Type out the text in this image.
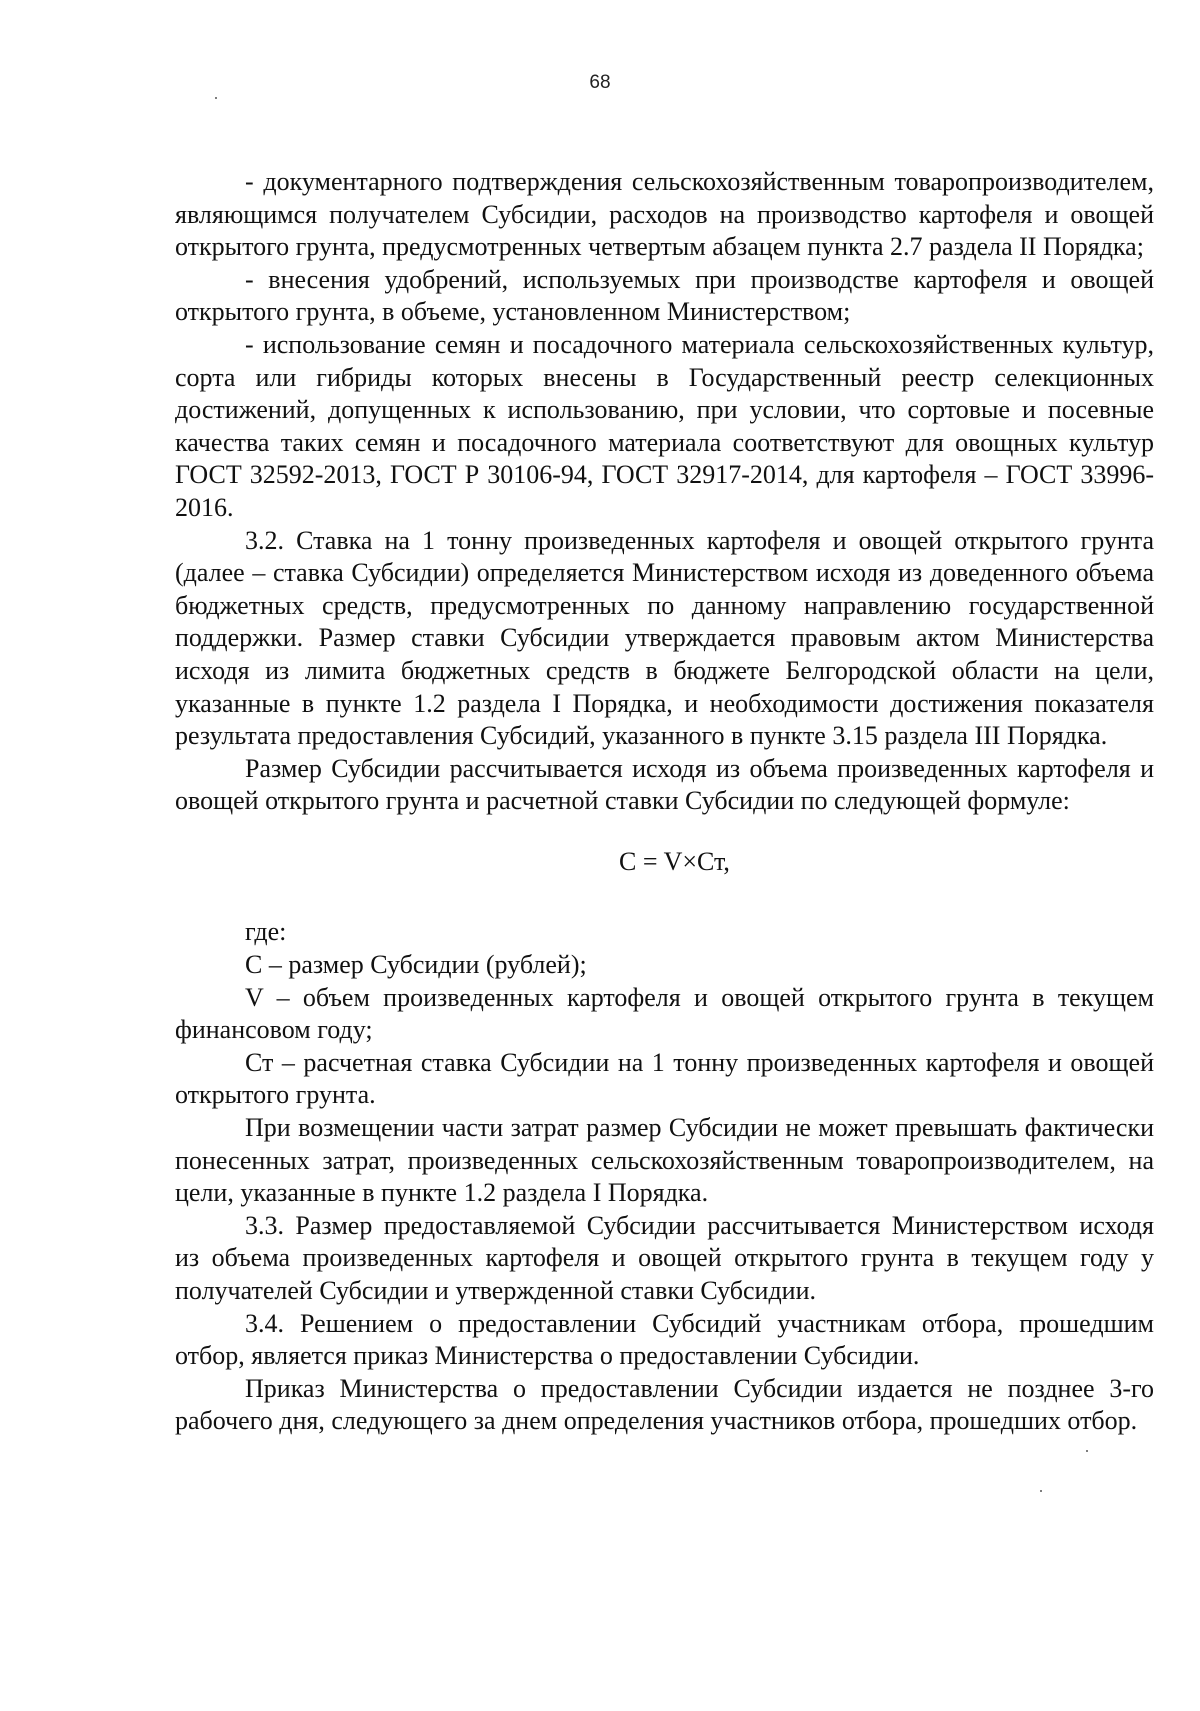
68

- документарного подтверждения сельскохозяйственным товаропроизводителем, являющимся получателем Субсидии, расходов на производство картофеля и овощей открытого грунта, предусмотренных четвертым абзацем пункта 2.7 раздела II Порядка;

- внесения удобрений, используемых при производстве картофеля и овощей открытого грунта, в объеме, установленном Министерством;

- использование семян и посадочного материала сельскохозяйственных культур, сорта или гибриды которых внесены в Государственный реестр селекционных достижений, допущенных к использованию, при условии, что сортовые и посевные качества таких семян и посадочного материала соответствуют для овощных культур ГОСТ 32592-2013, ГОСТ Р 30106-94, ГОСТ 32917-2014, для картофеля – ГОСТ 33996-2016.

3.2. Ставка на 1 тонну произведенных картофеля и овощей открытого грунта (далее – ставка Субсидии) определяется Министерством исходя из доведенного объема бюджетных средств, предусмотренных по данному направлению государственной поддержки. Размер ставки Субсидии утверждается правовым актом Министерства исходя из лимита бюджетных средств в бюджете Белгородской области на цели, указанные в пункте 1.2 раздела I Порядка, и необходимости достижения показателя результата предоставления Субсидий, указанного в пункте 3.15 раздела III Порядка.

Размер Субсидии рассчитывается исходя из объема произведенных картофеля и овощей открытого грунта и расчетной ставки Субсидии по следующей формуле:

C = V×Ст,

где:

С – размер Субсидии (рублей);

V – объем произведенных картофеля и овощей открытого грунта в текущем финансовом году;

Ст – расчетная ставка Субсидии на 1 тонну произведенных картофеля и овощей открытого грунта.

При возмещении части затрат размер Субсидии не может превышать фактически понесенных затрат, произведенных сельскохозяйственным товаропроизводителем, на цели, указанные в пункте 1.2 раздела I Порядка.

3.3. Размер предоставляемой Субсидии рассчитывается Министерством исходя из объема произведенных картофеля и овощей открытого грунта в текущем году у получателей Субсидии и утвержденной ставки Субсидии.

3.4. Решением о предоставлении Субсидий участникам отбора, прошедшим отбор, является приказ Министерства о предоставлении Субсидии.

Приказ Министерства о предоставлении Субсидии издается не позднее 3-го рабочего дня, следующего за днем определения участников отбора, прошедших отбор.
